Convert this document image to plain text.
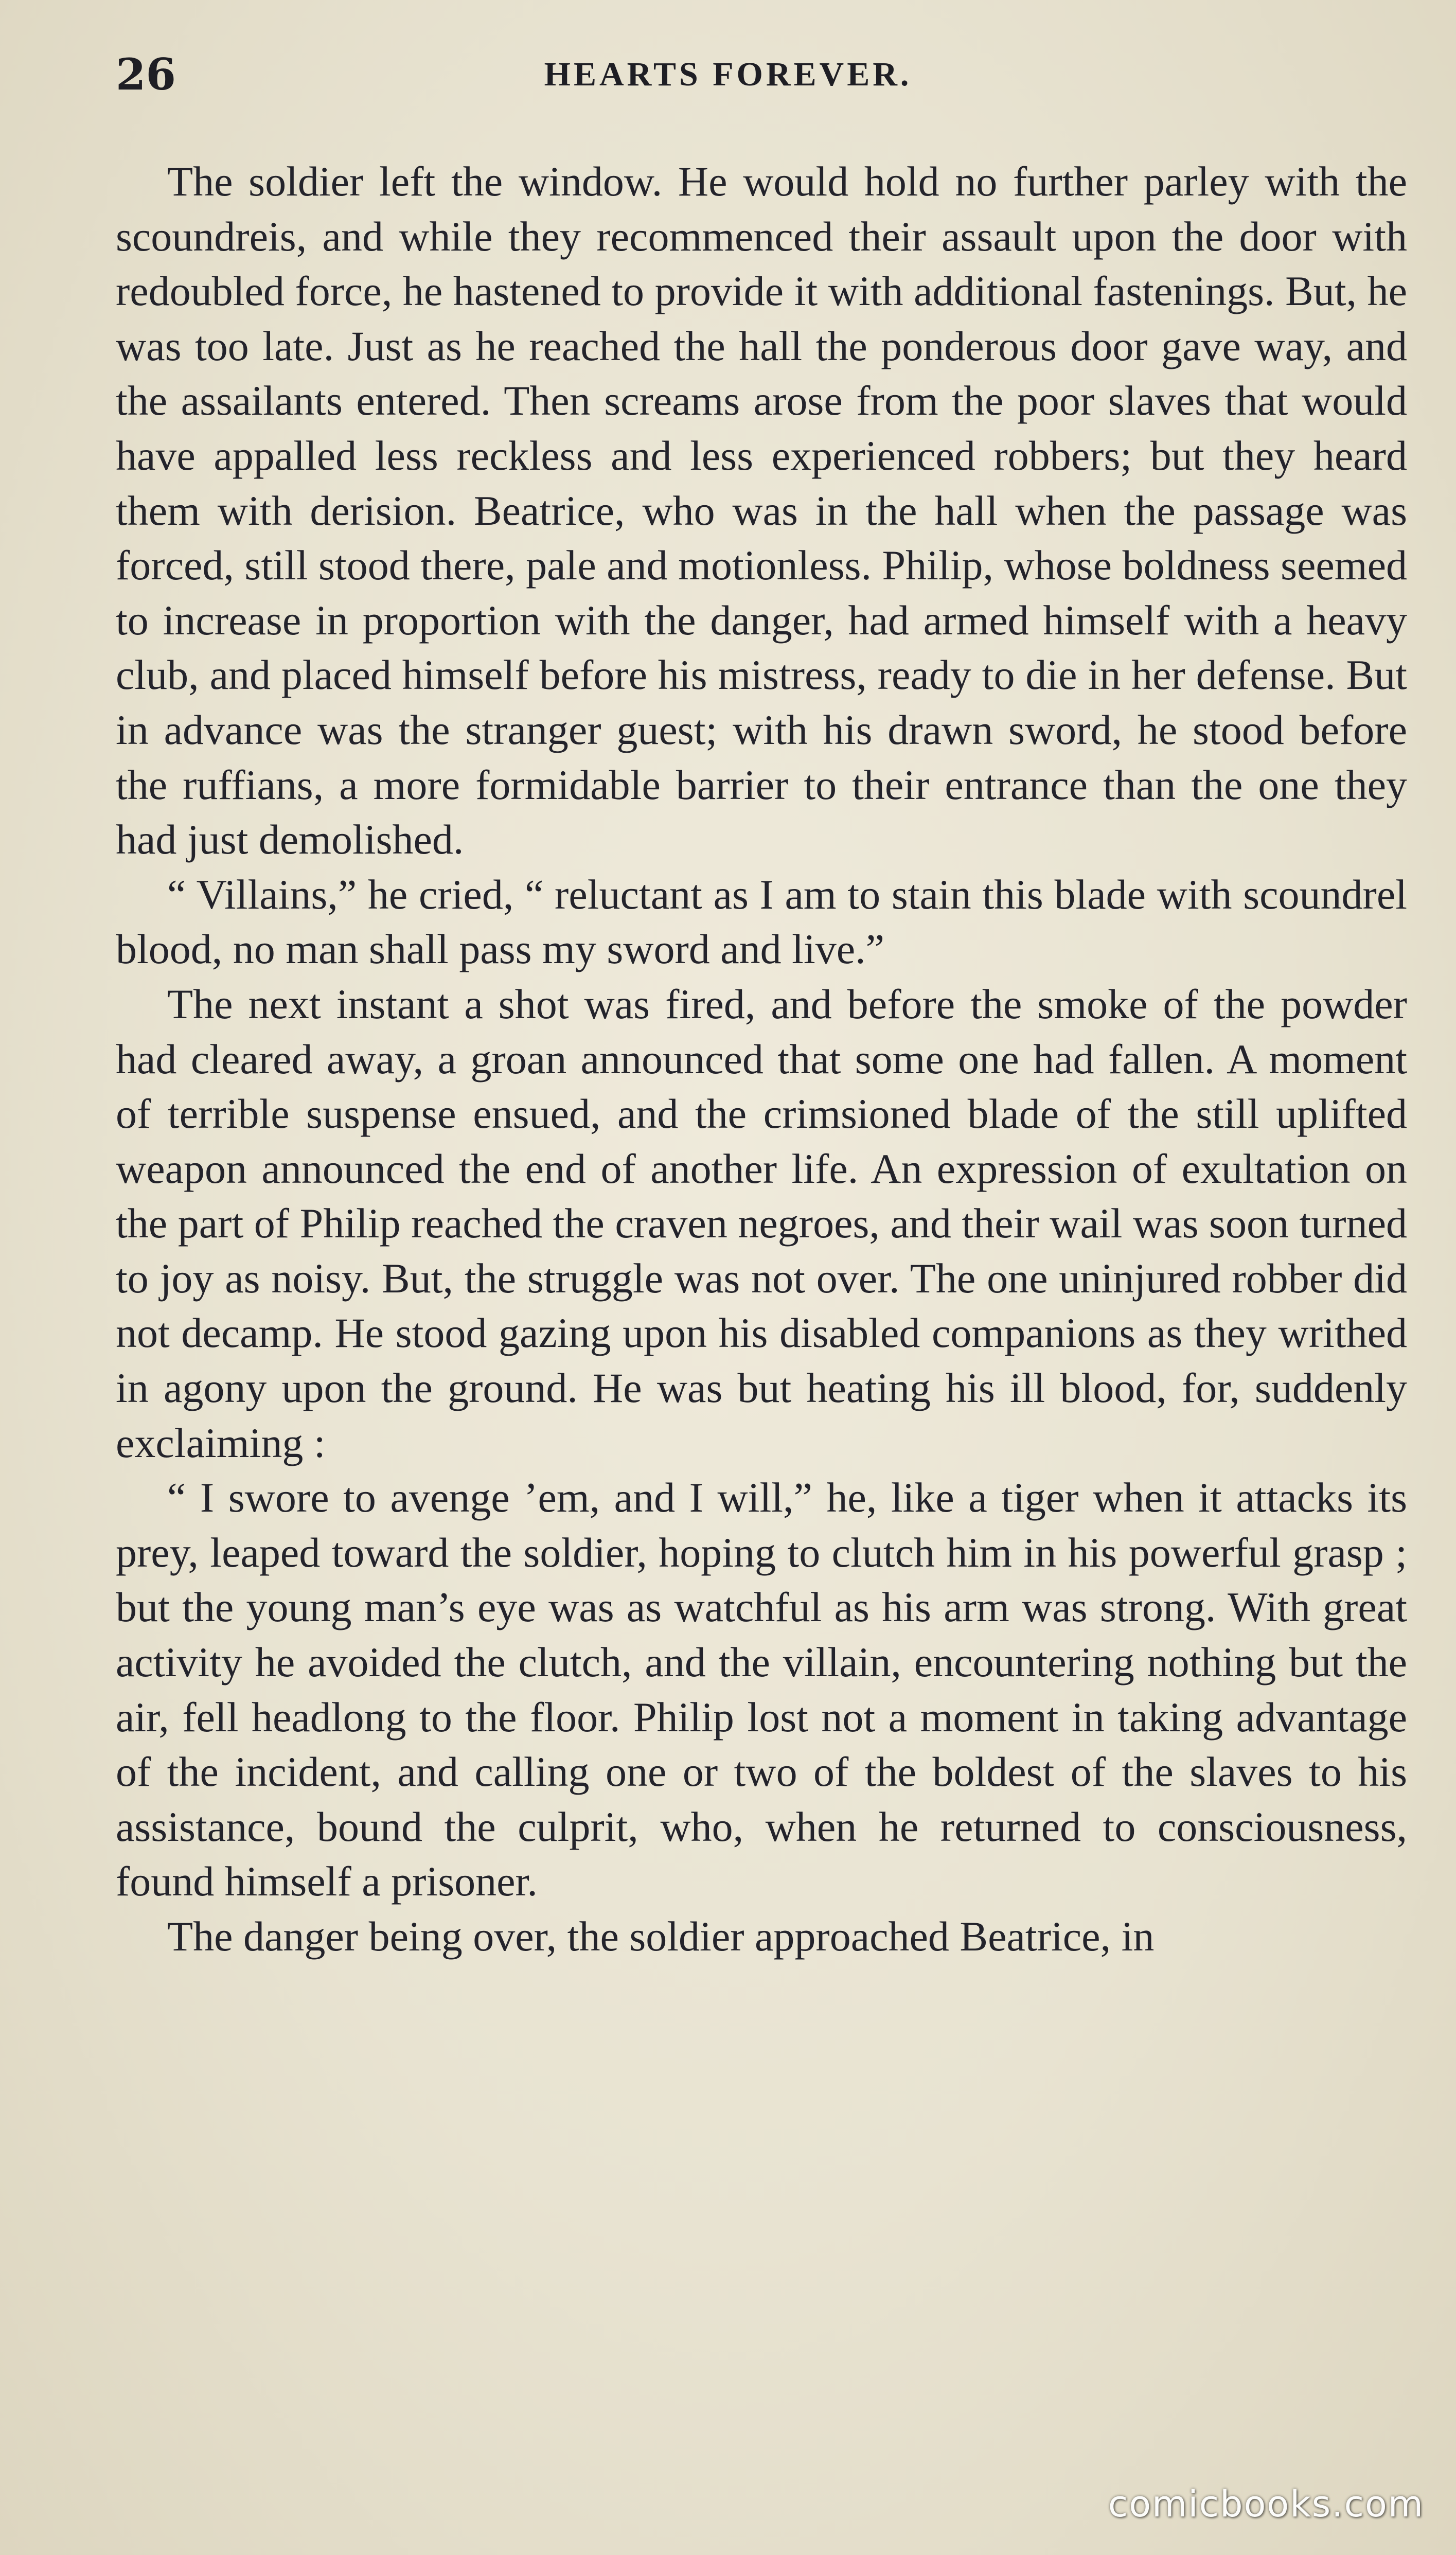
26	HEARTS FOREVER.

The soldier left the window. He would hold no further parley with the scoundreis, and while they recommenced their assault upon the door with redoubled force, he hastened to provide it with additional fastenings. But, he was too late. Just as he reached the hall the ponderous door gave way, and the assailants entered. Then screams arose from the poor slaves that would have appalled less reckless and less experienced robbers; but they heard them with derision. Beatrice, who was in the hall when the passage was forced, still stood there, pale and motionless. Philip, whose boldness seemed to increase in proportion with the danger, had armed himself with a heavy club, and placed himself before his mistress, ready to die in her defense. But in advance was the stranger guest; with his drawn sword, he stood before the ruffians, a more formidable barrier to their entrance than the one they had just demolished.

“ Villains,” he cried, “ reluctant as I am to stain this blade with scoundrel blood, no man shall pass my sword and live.”

The next instant a shot was fired, and before the smoke of the powder had cleared away, a groan announced that some one had fallen. A moment of terrible suspense ensued, and the crimsioned blade of the still uplifted weapon announced the end of another life. An expression of exultation on the part of Philip reached the craven negroes, and their wail was soon turned to joy as noisy. But, the struggle was not over. The one uninjured robber did not decamp. He stood gazing upon his disabled companions as they writhed in agony upon the ground. He was but heating his ill blood, for, suddenly exclaiming :

“ I swore to avenge ’em, and I will,” he, like a tiger when it attacks its prey, leaped toward the soldier, hoping to clutch him in his powerful grasp ; but the young man’s eye was as watchful as his arm was strong. With great activity he avoided the clutch, and the villain, encountering nothing but the air, fell headlong to the floor. Philip lost not a moment in taking advantage of the incident, and calling one or two of the boldest of the slaves to his assistance, bound the culprit, who, when he returned to consciousness, found himself a prisoner.

The danger being over, the soldier approached Beatrice, in

comicbooks.com
